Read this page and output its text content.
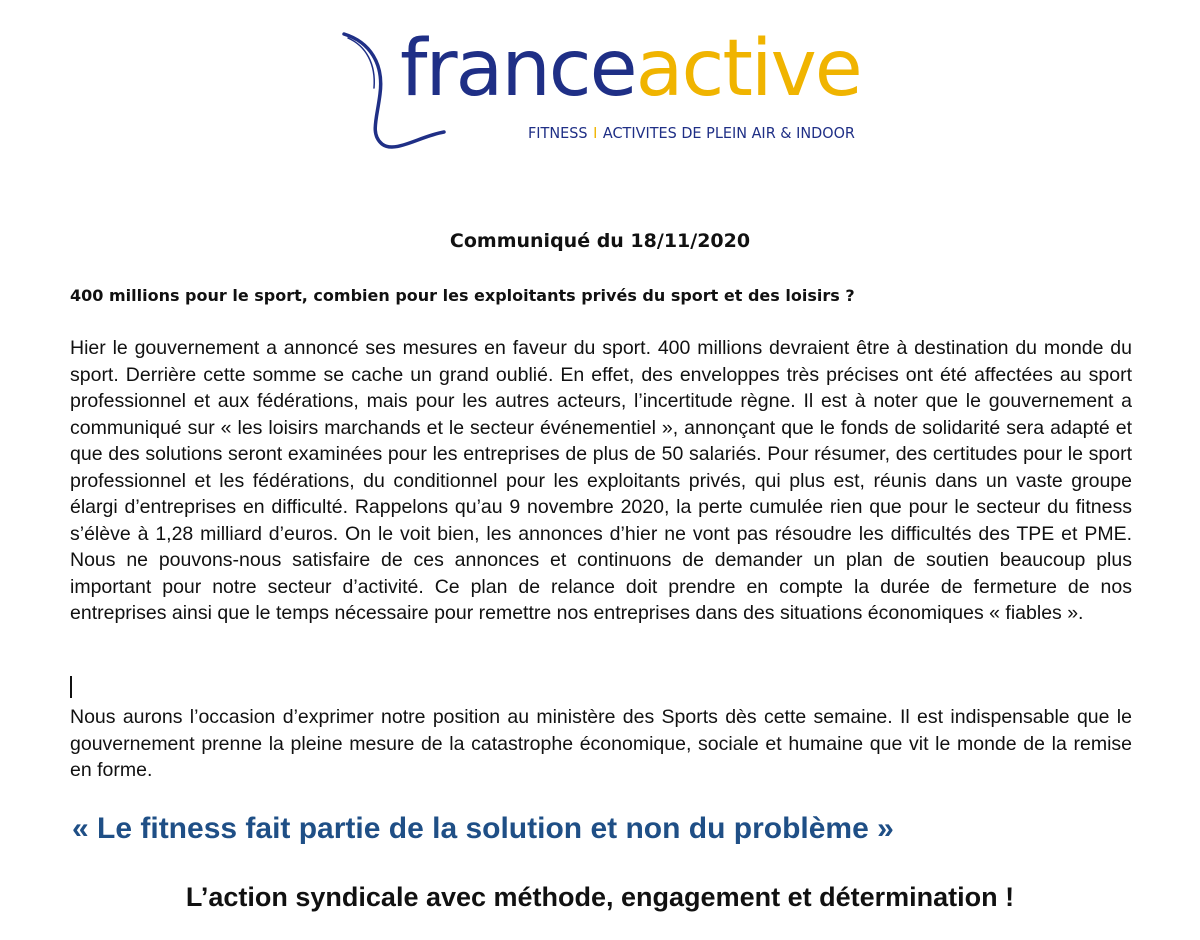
franceactive
FITNESS I ACTIVITES DE PLEIN AIR & INDOOR
Communiqué du 18/11/2020
400 millions pour le sport, combien pour les exploitants privés du sport et des loisirs ?
Hier le gouvernement a annoncé ses mesures en faveur du sport. 400 millions devraient être à destination du monde du sport. Derrière cette somme se cache un grand oublié. En effet, des enveloppes très précises ont été affectées au sport professionnel et aux fédérations, mais pour les autres acteurs, l’incertitude règne. Il est à noter que le gouvernement a communiqué sur « les loisirs marchands et le secteur événementiel », annonçant que le fonds de solidarité sera adapté et que des solutions seront examinées pour les entreprises de plus de 50 salariés. Pour résumer, des certitudes pour le sport professionnel et les fédérations, du conditionnel pour les exploitants privés, qui plus est, réunis dans un vaste groupe élargi d’entreprises en difficulté. Rappelons qu’au 9 novembre 2020, la perte cumulée rien que pour le secteur du fitness s’élève à 1,28 milliard d’euros. On le voit bien, les annonces d’hier ne vont pas résoudre les difficultés des TPE et PME. Nous ne pouvons-nous satisfaire de ces annonces et continuons de demander un plan de soutien beaucoup plus important pour notre secteur d’activité. Ce plan de relance doit prendre en compte la durée de fermeture de nos entreprises ainsi que le temps nécessaire pour remettre nos entreprises dans des situations économiques « fiables ».
Nous aurons l’occasion d’exprimer notre position au ministère des Sports dès cette semaine. Il est indispensable que le gouvernement prenne la pleine mesure de la catastrophe économique, sociale et humaine que vit le monde de la remise en forme.
« Le fitness fait partie de la solution et non du problème »
L’action syndicale avec méthode, engagement et détermination !
